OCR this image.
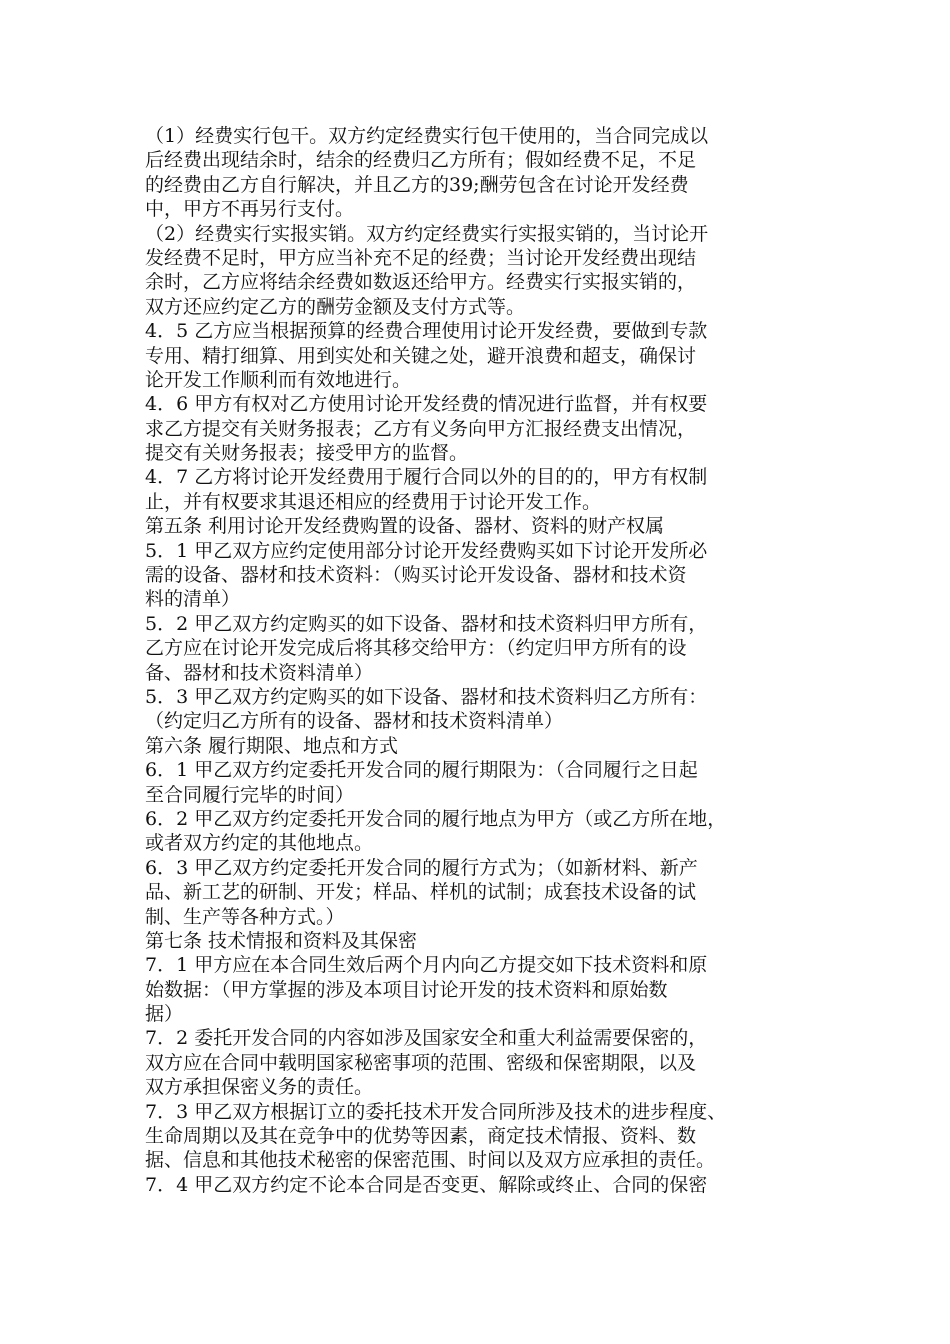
（1）经费实行包干。双方约定经费实行包干使用的，当合同完成以
后经费出现结余时，结余的经费归乙方所有；假如经费不足，不足
的经费由乙方自行解决，并且乙方的39;酬劳包含在讨论开发经费
中，甲方不再另行支付。
（2）经费实行实报实销。双方约定经费实行实报实销的，当讨论开
发经费不足时，甲方应当补充不足的经费；当讨论开发经费出现结
余时，乙方应将结余经费如数返还给甲方。经费实行实报实销的，
双方还应约定乙方的酬劳金额及支付方式等。
4．5 乙方应当根据预算的经费合理使用讨论开发经费，要做到专款
专用、精打细算、用到实处和关键之处，避开浪费和超支，确保讨
论开发工作顺利而有效地进行。
4．6 甲方有权对乙方使用讨论开发经费的情况进行监督，并有权要
求乙方提交有关财务报表；乙方有义务向甲方汇报经费支出情况，
提交有关财务报表；接受甲方的监督。
4．7 乙方将讨论开发经费用于履行合同以外的目的的，甲方有权制
止，并有权要求其退还相应的经费用于讨论开发工作。
第五条 利用讨论开发经费购置的设备、器材、资料的财产权属
5．1 甲乙双方应约定使用部分讨论开发经费购买如下讨论开发所必
需的设备、器材和技术资料：（购买讨论开发设备、器材和技术资
料的清单）
5．2 甲乙双方约定购买的如下设备、器材和技术资料归甲方所有，
乙方应在讨论开发完成后将其移交给甲方：（约定归甲方所有的设
备、器材和技术资料清单）
5．3 甲乙双方约定购买的如下设备、器材和技术资料归乙方所有：
（约定归乙方所有的设备、器材和技术资料清单）
第六条 履行期限、地点和方式
6．1 甲乙双方约定委托开发合同的履行期限为：（合同履行之日起
至合同履行完毕的时间）
6．2 甲乙双方约定委托开发合同的履行地点为甲方（或乙方所在地，
或者双方约定的其他地点。
6．3 甲乙双方约定委托开发合同的履行方式为；（如新材料、新产
品、新工艺的研制、开发；样品、样机的试制；成套技术设备的试
制、生产等各种方式。）
第七条 技术情报和资料及其保密
7．1 甲方应在本合同生效后两个月内向乙方提交如下技术资料和原
始数据：（甲方掌握的涉及本项目讨论开发的技术资料和原始数
据）
7．2 委托开发合同的内容如涉及国家安全和重大利益需要保密的，
双方应在合同中载明国家秘密事项的范围、密级和保密期限，以及
双方承担保密义务的责任。
7．3 甲乙双方根据订立的委托技术开发合同所涉及技术的进步程度、
生命周期以及其在竞争中的优势等因素，商定技术情报、资料、数
据、信息和其他技术秘密的保密范围、时间以及双方应承担的责任。
7．4 甲乙双方约定不论本合同是否变更、解除或终止、合同的保密
